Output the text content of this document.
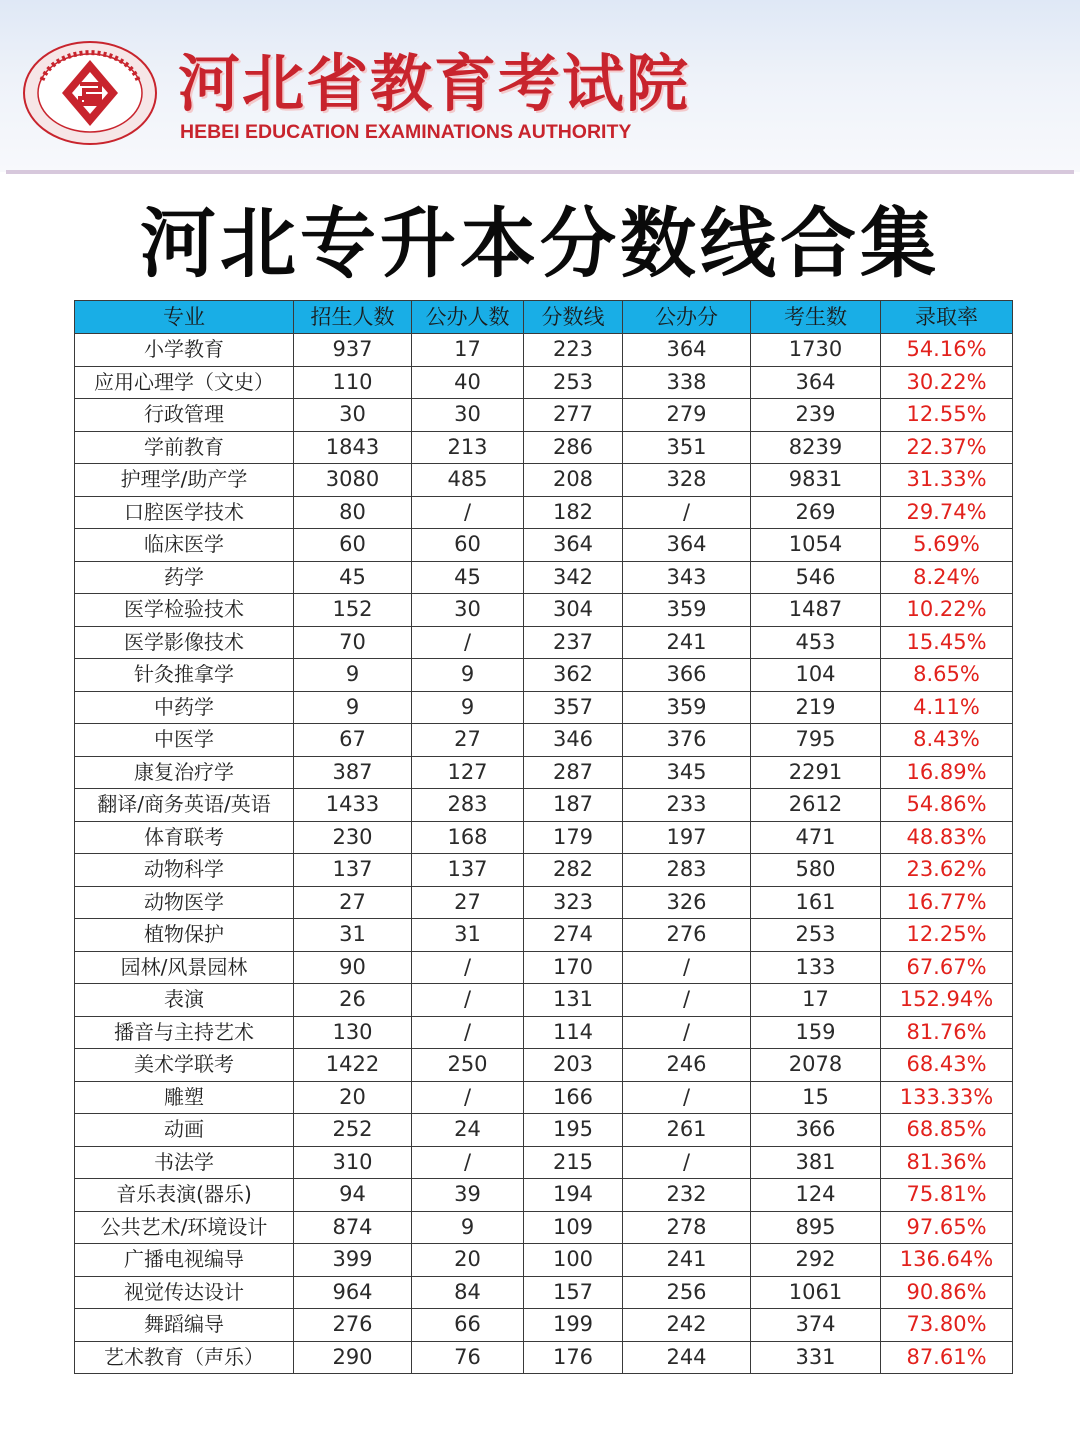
河北省教育考试院
HEBEI EDUCATION EXAMINATIONS AUTHORITY
河北专升本分数线合集
专业	招生人数	公办人数	分数线	公办分	考生数	录取率
小学教育	937	17	223	364	1730	54.16%
应用心理学（文史）	110	40	253	338	364	30.22%
行政管理	30	30	277	279	239	12.55%
学前教育	1843	213	286	351	8239	22.37%
护理学/助产学	3080	485	208	328	9831	31.33%
口腔医学技术	80	/	182	/	269	29.74%
临床医学	60	60	364	364	1054	5.69%
药学	45	45	342	343	546	8.24%
医学检验技术	152	30	304	359	1487	10.22%
医学影像技术	70	/	237	241	453	15.45%
针灸推拿学	9	9	362	366	104	8.65%
中药学	9	9	357	359	219	4.11%
中医学	67	27	346	376	795	8.43%
康复治疗学	387	127	287	345	2291	16.89%
翻译/商务英语/英语	1433	283	187	233	2612	54.86%
体育联考	230	168	179	197	471	48.83%
动物科学	137	137	282	283	580	23.62%
动物医学	27	27	323	326	161	16.77%
植物保护	31	31	274	276	253	12.25%
园林/风景园林	90	/	170	/	133	67.67%
表演	26	/	131	/	17	152.94%
播音与主持艺术	130	/	114	/	159	81.76%
美术学联考	1422	250	203	246	2078	68.43%
雕塑	20	/	166	/	15	133.33%
动画	252	24	195	261	366	68.85%
书法学	310	/	215	/	381	81.36%
音乐表演(器乐)	94	39	194	232	124	75.81%
公共艺术/环境设计	874	9	109	278	895	97.65%
广播电视编导	399	20	100	241	292	136.64%
视觉传达设计	964	84	157	256	1061	90.86%
舞蹈编导	276	66	199	242	374	73.80%
艺术教育（声乐）	290	76	176	244	331	87.61%
